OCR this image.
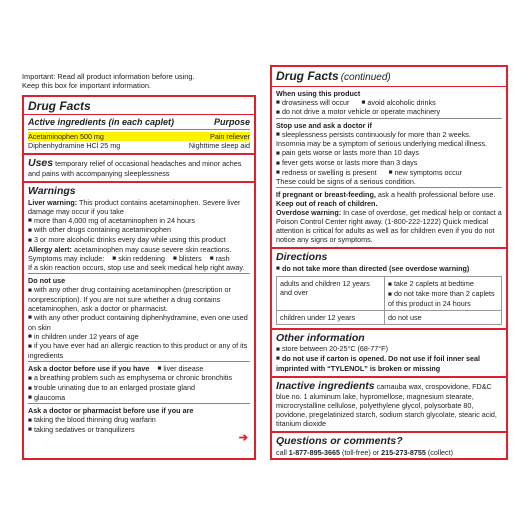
Important: Read all product information before using.
Keep this box for important information.
Drug Facts
Active ingredients (in each caplet)	Purpose
Acetaminophen 500 mg	Pain reliever
Diphenhydramine HCl 25 mg	Nighttime sleep aid
Uses temporary relief of occasional headaches and minor aches and pains with accompanying sleeplessness
Warnings
Liver warning: This product contains acetaminophen. Severe liver damage may occur if you take
■ more than 4,000 mg of acetaminophen in 24 hours
■ with other drugs containing acetaminophen
■ 3 or more alcoholic drinks every day while using this product
Allergy alert: acetaminophen may cause severe skin reactions.
Symptoms may include: ■ skin reddening ■ blisters ■ rash
If a skin reaction occurs, stop use and seek medical help right away.
Do not use
■ with any other drug containing acetaminophen (prescription or nonprescription). If you are not sure whether a drug contains acetaminophen, ask a doctor or pharmacist.
■ with any other product containing diphenhydramine, even one used on skin
■ in children under 12 years of age
■ if you have ever had an allergic reaction to this product or any of its ingredients
Ask a doctor before use if you have ■ liver disease
■ a breathing problem such as emphysema or chronic bronchitis
■ trouble urinating due to an enlarged prostate gland
■ glaucoma
Ask a doctor or pharmacist before use if you are
■ taking the blood thinning drug warfarin
■ taking sedatives or tranquilizers
➔
Drug Facts (continued)
When using this product
■ drowsiness will occur ■ avoid alcoholic drinks
■ do not drive a motor vehicle or operate machinery
Stop use and ask a doctor if
■ sleeplessness persists continuously for more than 2 weeks. Insomnia may be a symptom of serious underlying medical illness.
■ pain gets worse or lasts more than 10 days
■ fever gets worse or lasts more than 3 days
■ redness or swelling is present ■ new symptoms occur
These could be signs of a serious condition.
If pregnant or breast-feeding, ask a health professional before use.
Keep out of reach of children.
Overdose warning: In case of overdose, get medical help or contact a Poison Control Center right away. (1-800-222-1222) Quick medical attention is critical for adults as well as for children even if you do not notice any signs or symptoms.
Directions
■ do not take more than directed (see overdose warning)
adults and children 12 years and over	■ take 2 caplets at bedtime
■ do not take more than 2 caplets of this product in 24 hours

children under 12 years	do not use
Other information
■ store between 20-25°C (68-77°F)
■ do not use if carton is opened. Do not use if foil inner seal imprinted with “TYLENOL” is broken or missing
Inactive ingredients carnauba wax, crospovidone, FD&C blue no. 1 aluminum lake, hypromellose, magnesium stearate, microcrystalline cellulose, polyethylene glycol, polysorbate 80, povidone, pregelatinized starch, sodium starch glycolate, stearic acid, titanium dioxide
Questions or comments?
call 1-877-895-3665 (toll-free) or 215-273-8755 (collect)
